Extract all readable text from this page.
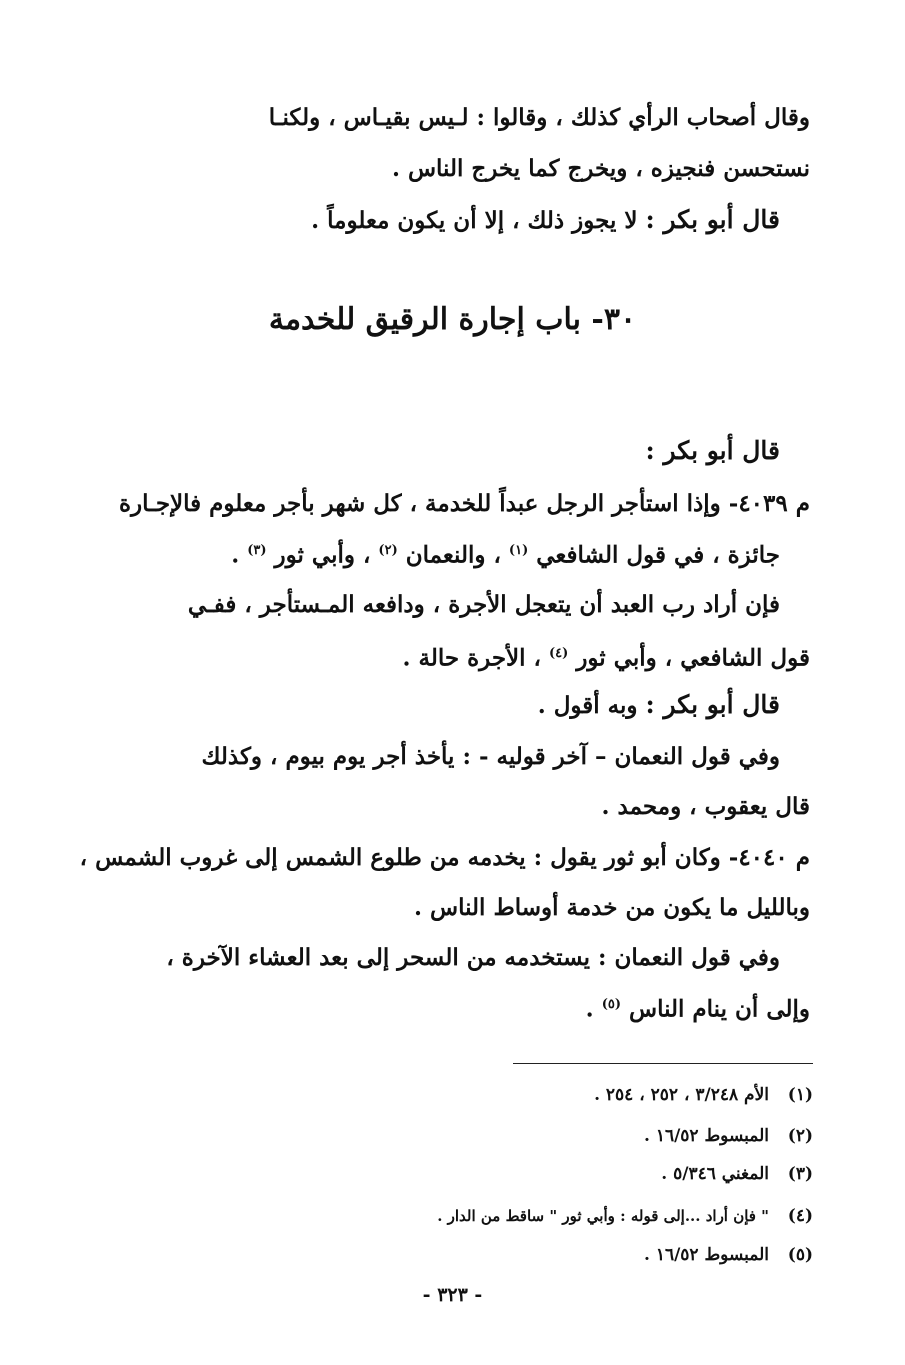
وقال أصحاب الرأي كذلك ، وقالوا : لـيس بقيـاس ، ولكنـا
نستحسن فنجيزه ، ويخرج كما يخرج الناس .
قال أبو بكر : لا يجوز ذلك ، إلا أن يكون معلوماً .
٣٠- باب إجارة الرقيق للخدمة
قال أبو بكر :
م ٤٠٣٩- وإذا استأجر الرجل عبداً للخدمة ، كل شهر بأجر معلوم فالإجـارة
جائزة ، في قول الشافعي $^{(١)}$ ، والنعمان $^{(٢)}$ ، وأبي ثور $^{(٣)}$ .
فإن أراد رب العبد أن يتعجل الأجرة ، ودافعه المـستأجر ، ففـي
قول الشافعي ، وأبي ثور $^{(٤)}$ ، الأجرة حالة .
قال أبو بكر : وبه أقول .
وفي قول النعمان – آخر قوليه - : يأخذ أجر يوم بيوم ، وكذلك
قال يعقوب ، ومحمد .
م ٤٠٤٠- وكان أبو ثور يقول : يخدمه من طلوع الشمس إلى غروب الشمس ،
وبالليل ما يكون من خدمة أوساط الناس .
وفي قول النعمان : يستخدمه من السحر إلى بعد العشاء الآخرة ،
وإلى أن ينام الناس $^{(٥)}$ .
(١)الأم ٣/٢٤٨ ، ٢٥٢ ، ٢٥٤ .
(٢)المبسوط ١٦/٥٢ .
(٣)المغني ٥/٣٤٦ .
(٤)" فإن أراد ...إلى قوله : وأبي ثور " ساقط من الدار .
(٥)المبسوط ١٦/٥٢ .
- ٣٢٣ -
